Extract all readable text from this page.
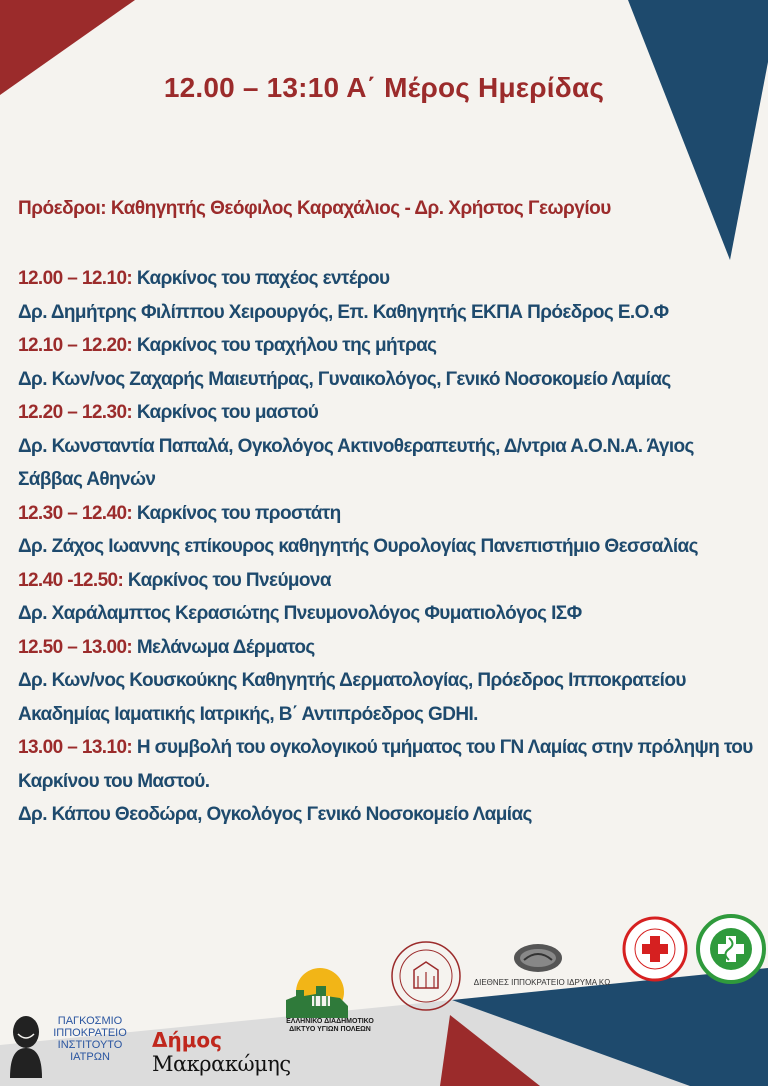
12.00 – 13:10 Α΄ Μέρος Ημερίδας
Πρόεδροι: Καθηγητής Θεόφιλος Καραχάλιος - Δρ. Χρήστος Γεωργίου

12.00 – 12.10: Καρκίνος του παχέος εντέρου

Δρ. Δημήτρης Φιλίππου Χειρουργός, Επ. Καθηγητής ΕΚΠΑ Πρόεδρος Ε.Ο.Φ

12.10 – 12.20: Καρκίνος του τραχήλου της μήτρας

Δρ. Κων/νος Ζαχαρής Μαιευτήρας, Γυναικολόγος, Γενικό Νοσοκομείο Λαμίας

12.20 – 12.30: Καρκίνος του μαστού

Δρ. Κωνσταντία Παπαλά, Ογκολόγος Ακτινοθεραπευτής, Δ/ντρια Α.Ο.Ν.Α. Άγιος Σάββας Αθηνών

12.30 – 12.40: Καρκίνος του προστάτη

Δρ. Ζάχος Ιωαννης επίκουρος καθηγητής Ουρολογίας Πανεπιστήμιο Θεσσαλίας

12.40 -12.50: Καρκίνος του Πνεύμονα

Δρ. Χαράλαμπτος Κερασιώτης Πνευμονολόγος Φυματιολόγος ΙΣΦ

12.50 – 13.00: Μελάνωμα Δέρματος

Δρ. Κων/νος Κουσκούκης Καθηγητής Δερματολογίας, Πρόεδρος Ιπποκρατείου Ακαδημίας Ιαματικής Ιατρικής, Β΄ Αντιπρόεδρος GDHI.

13.00 – 13.10: Η συμβολή του ογκολογικού τμήματος του ΓΝ Λαμίας στην πρόληψη του Καρκίνου του Μαστού.

Δρ. Κάπου Θεοδώρα, Ογκολόγος Γενικό Νοσοκομείο Λαμίας

ΠΑΓΚΟΣΜΙΟ ΙΠΠΟΚΡΑΤΕΙΟ ΙΝΣΤΙΤΟΥΤΟ ΙΑΤΡΩΝ
Δήμος
Μακρακώμης
ΕΛΛΗΝΙΚΟ ΔΙΑΔΗΜΟΤΙΚΟ ΔΙΚΤΥΟ ΥΓΙΩΝ ΠΟΛΕΩΝ
ΔΙΕΘΝΕΣ ΙΠΠΟΚΡΑΤΕΙΟ ΙΔΡΥΜΑ ΚΩ
